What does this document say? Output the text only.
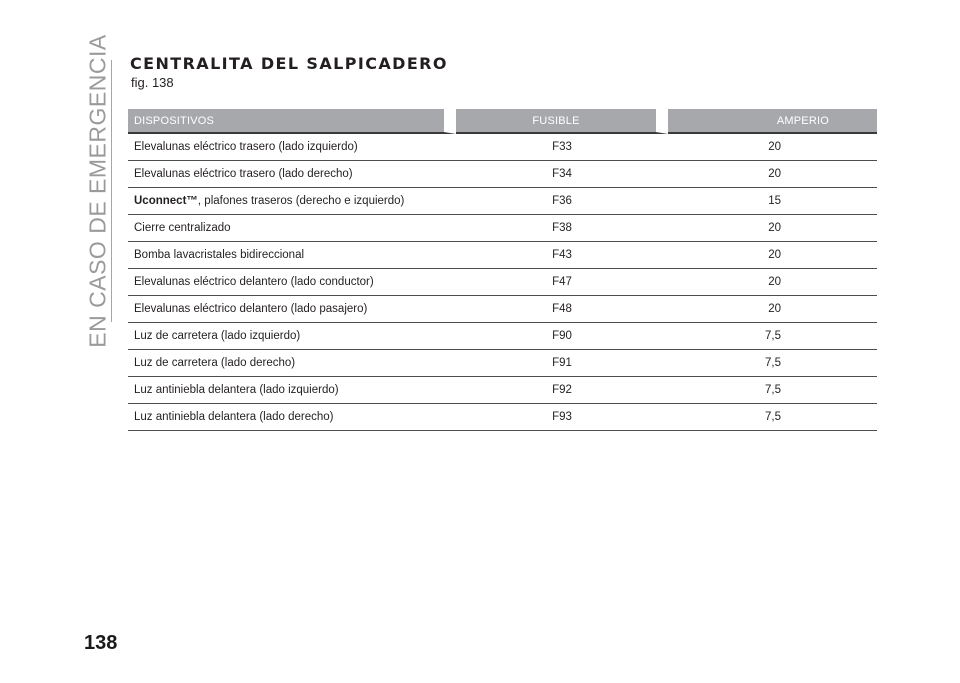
EN CASO DE EMERGENCIA CENTRALITA DEL SALPICADERO
fig. 138
DISPOSITIVOS	FUSIBLE	AMPERIO
Elevalunas eléctrico trasero (lado izquierdo)	F33	20
Elevalunas eléctrico trasero (lado derecho)	F34	20
Uconnect™, plafones traseros (derecho e izquierdo)	F36	15
Cierre centralizado	F38	20
Bomba lavacristales bidireccional	F43	20
Elevalunas eléctrico delantero (lado conductor)	F47	20
Elevalunas eléctrico delantero (lado pasajero)	F48	20
Luz de carretera (lado izquierdo)	F90	7,5
Luz de carretera (lado derecho)	F91	7,5
Luz antiniebla delantera (lado izquierdo)	F92	7,5
Luz antiniebla delantera (lado derecho)	F93	7,5
138
